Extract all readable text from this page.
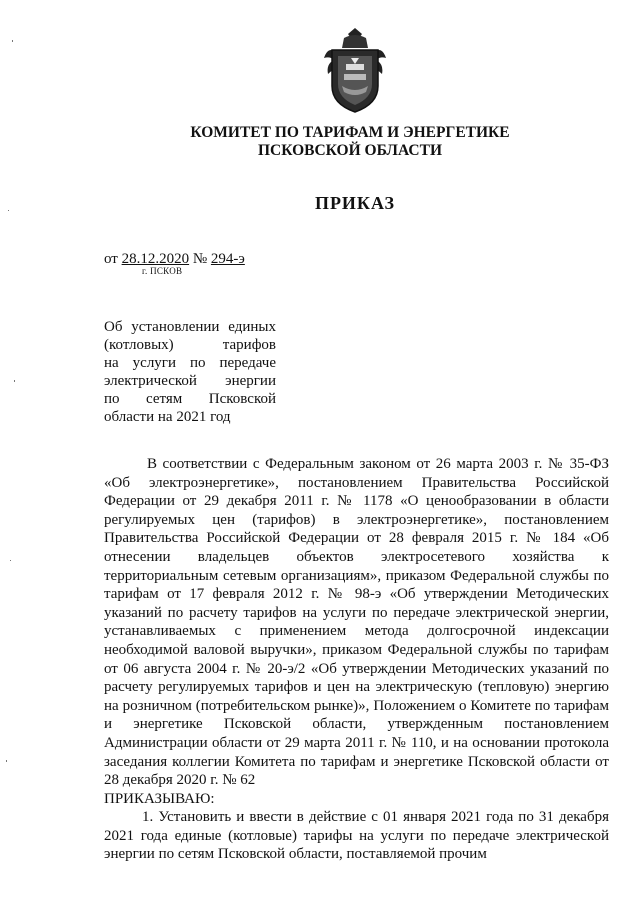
КОМИТЕТ ПО ТАРИФАМ И ЭНЕРГЕТИКЕ
ПСКОВСКОЙ ОБЛАСТИ
ПРИКАЗ
от 28.12.2020 № 294-э
г. ПСКОВ
Об установлении единых
(котловых) тарифов
на услуги по передаче
электрической энергии
по сетям Псковской
области на 2021 год
В соответствии с Федеральным законом от 26 марта 2003 г. № 35-ФЗ «Об электроэнергетике», постановлением Правительства Российской Федерации от 29 декабря 2011 г. № 1178 «О ценообразовании в области регулируемых цен (тарифов) в электроэнергетике», постановлением Правительства Российской Федерации от 28 февраля 2015 г. № 184 «Об отнесении владельцев объектов электросетевого хозяйства к территориальным сетевым организациям», приказом Федеральной службы по тарифам от 17 февраля 2012 г. № 98-э «Об утверждении Методических указаний по расчету тарифов на услуги по передаче электрической энергии, устанавливаемых с применением метода долгосрочной индексации необходимой валовой выручки», приказом Федеральной службы по тарифам от 06 августа 2004 г. № 20-э/2 «Об утверждении Методических указаний по расчету регулируемых тарифов и цен на электрическую (тепловую) энергию на розничном (потребительском рынке)», Положением о Комитете по тарифам и энергетике Псковской области, утвержденным постановлением Администрации области от 29 марта 2011 г. № 110, и на основании протокола заседания коллегии Комитета по тарифам и энергетике Псковской области от 28 декабря 2020 г. № 62
ПРИКАЗЫВАЮ:
1. Установить и ввести в действие с 01 января 2021 года по 31 декабря 2021 года единые (котловые) тарифы на услуги по передаче электрической энергии по сетям Псковской области, поставляемой прочим
